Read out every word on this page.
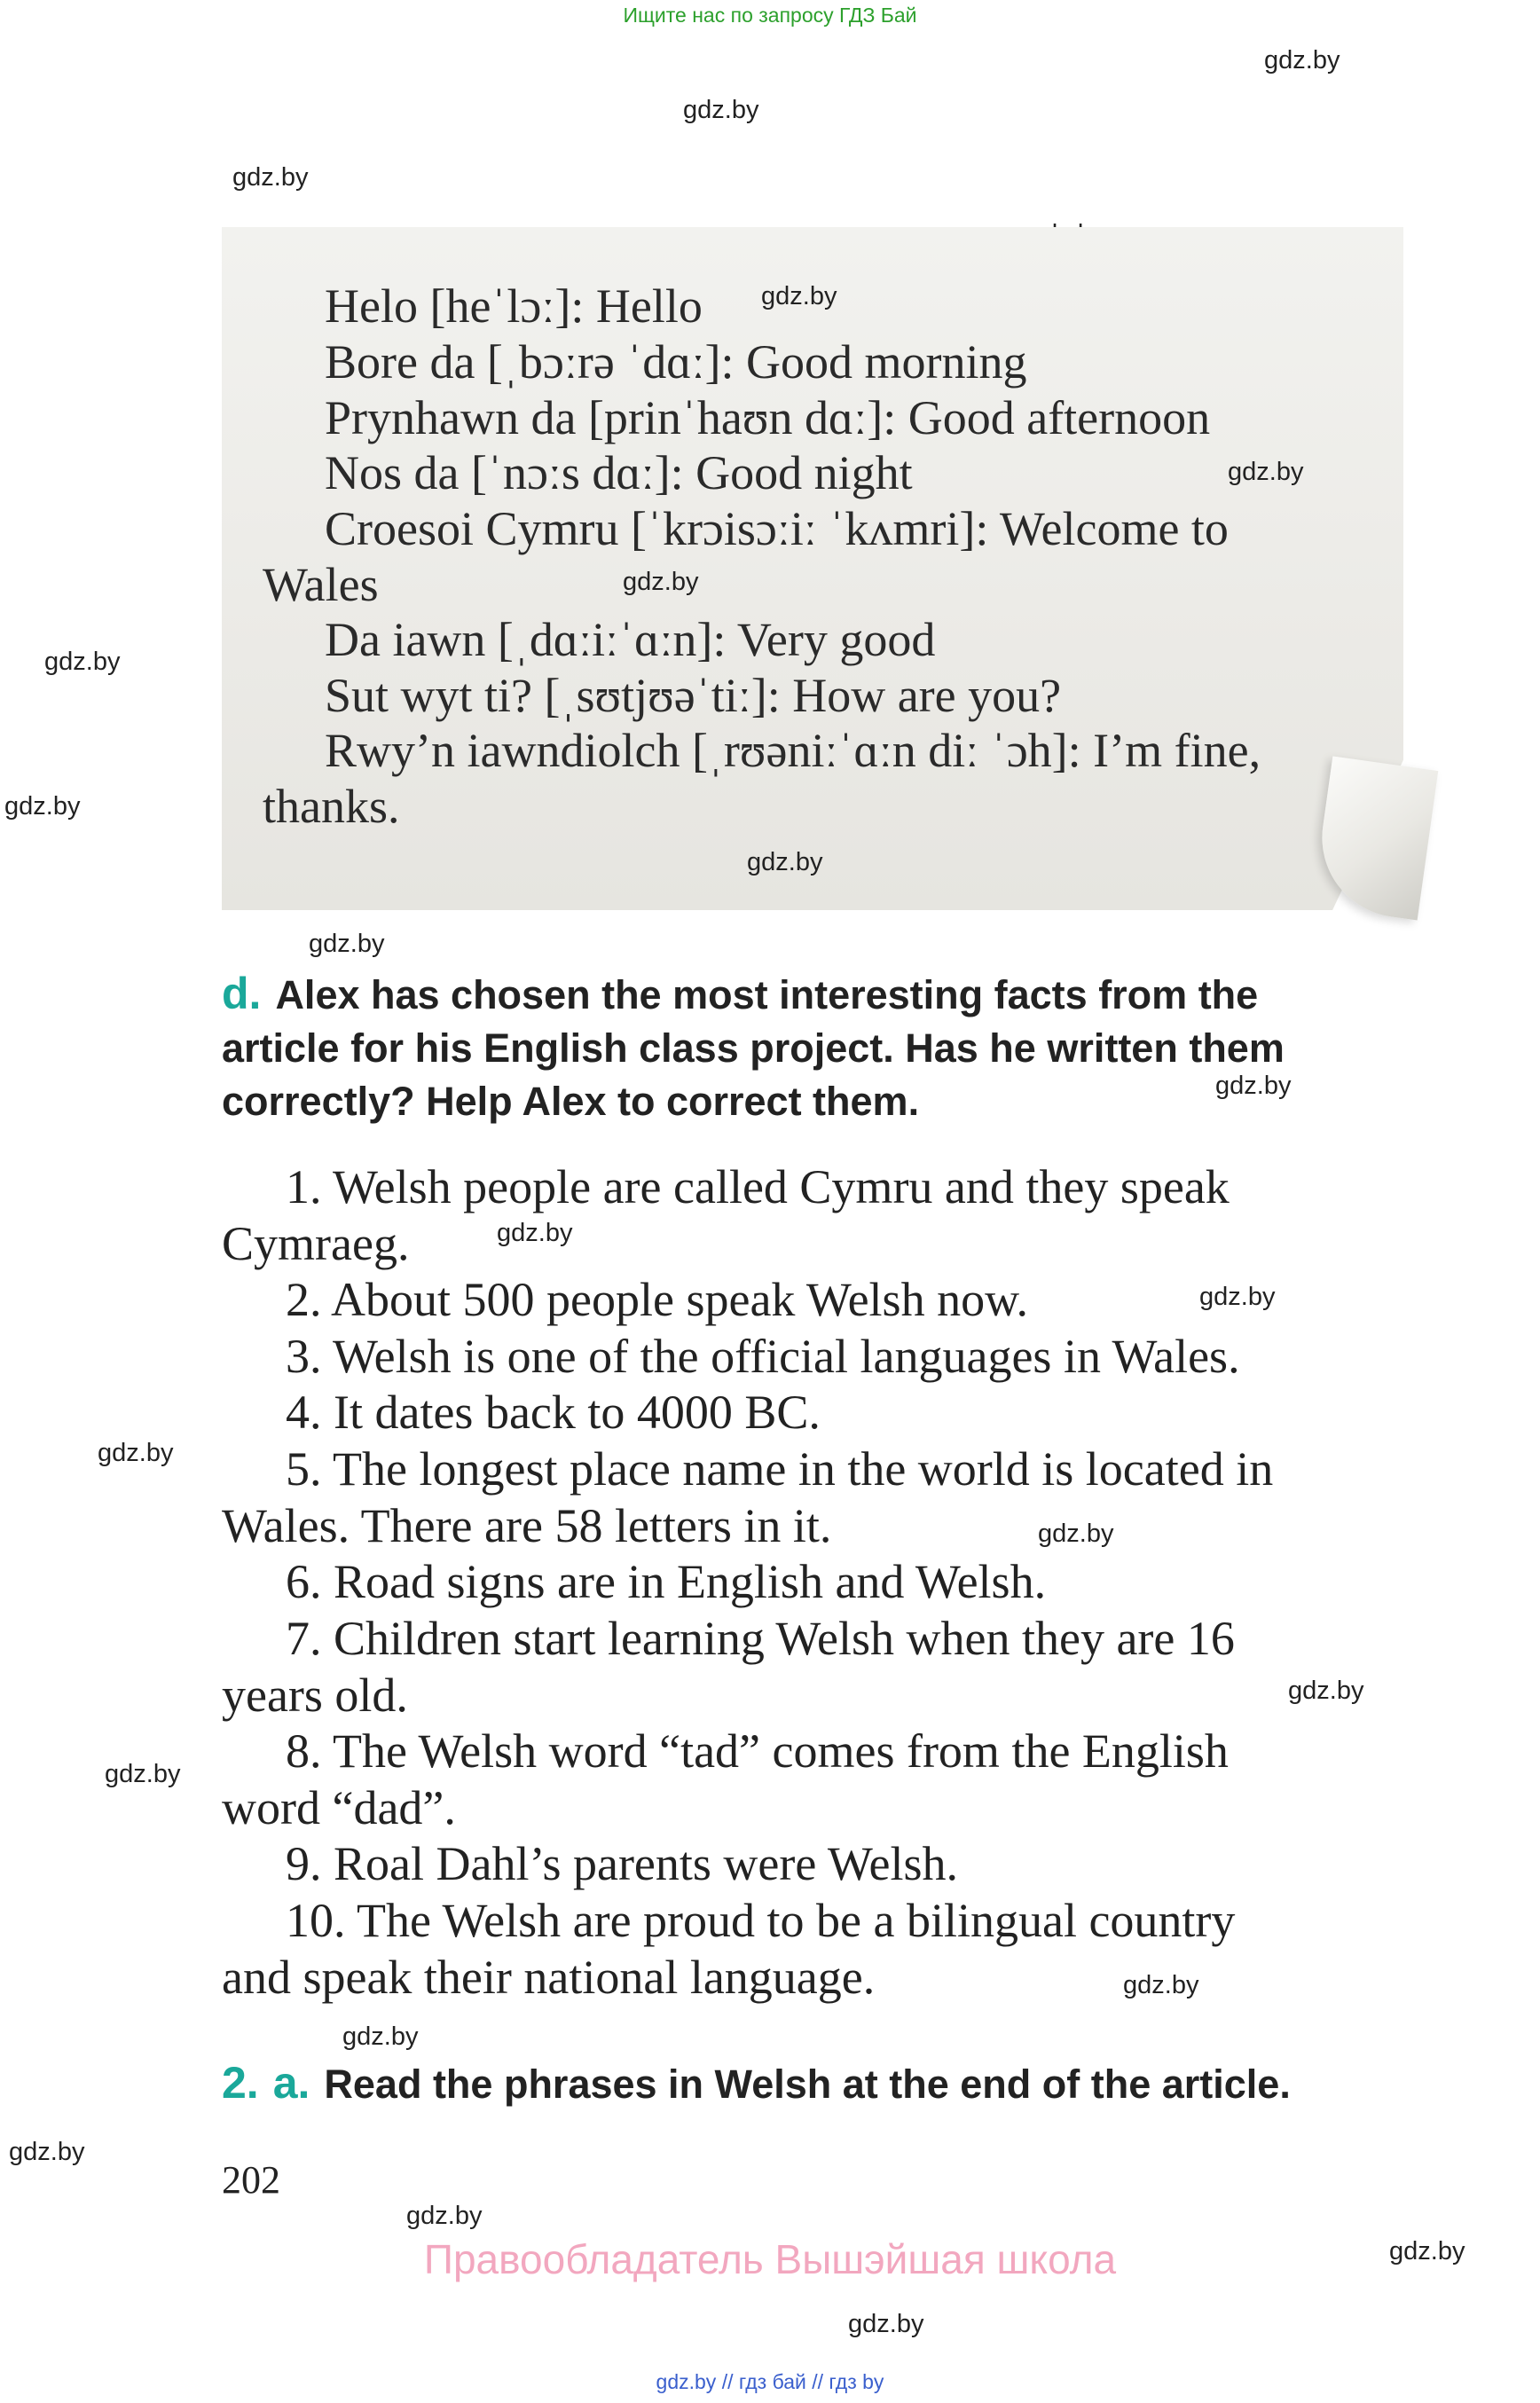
Ищите нас по запросу ГДЗ Бай
gdz.by
gdz.by
gdz.by
gdz.by
gdz.by
gdz.by
gdz.by
gdz.by
gdz.by
gdz.by
gdz.by
gdz.by
gdz.by
gdz.by
gdz.by
gdz.by
gdz.by
gdz.by
gdz.by
Helo [heˈlɔː]: Hello gdz.by
Bore da [ˌbɔːrə ˈdɑː]: Good morning
Prynhawn da [prinˈhaʊn dɑː]: Good afternoon
Nos da [ˈnɔːs dɑː]: Good night	gdz.by
Croesoi Cymru [ˈkrɔisɔːiː ˈkʌmri]: Welcome to
Wales	gdz.by
Da iawn [ˌdɑːiːˈɑːn]: Very good
Sut wyt ti? [ˌsʊtjʊəˈtiː]: How are you?
Rwy’n iawndiolch [ˌrʊəniːˈɑːn diː ˈɔh]: I’m fine,
thanks.
gdz.by
d. Alex has chosen the most interesting facts from the
article for his English class project. Has he written them
correctly? Help Alex to correct them.
1. Welsh people are called Cymru and they speak
Cymraeg.
2. About 500 people speak Welsh now.
3. Welsh is one of the official languages in Wales.
4. It dates back to 4000 BC.
5. The longest place name in the world is located in
Wales. There are 58 letters in it.
6. Road signs are in English and Welsh.
7. Children start learning Welsh when they are 16
years old.
8. The Welsh word “tad” comes from the English
word “dad”.
9. Roal Dahl’s parents were Welsh.
10. The Welsh are proud to be a bilingual country
and speak their national language.
2. a. Read the phrases in Welsh at the end of the article.
202
Правообладатель Вышэйшая школа
gdz.by // гдз бай // гдз by
